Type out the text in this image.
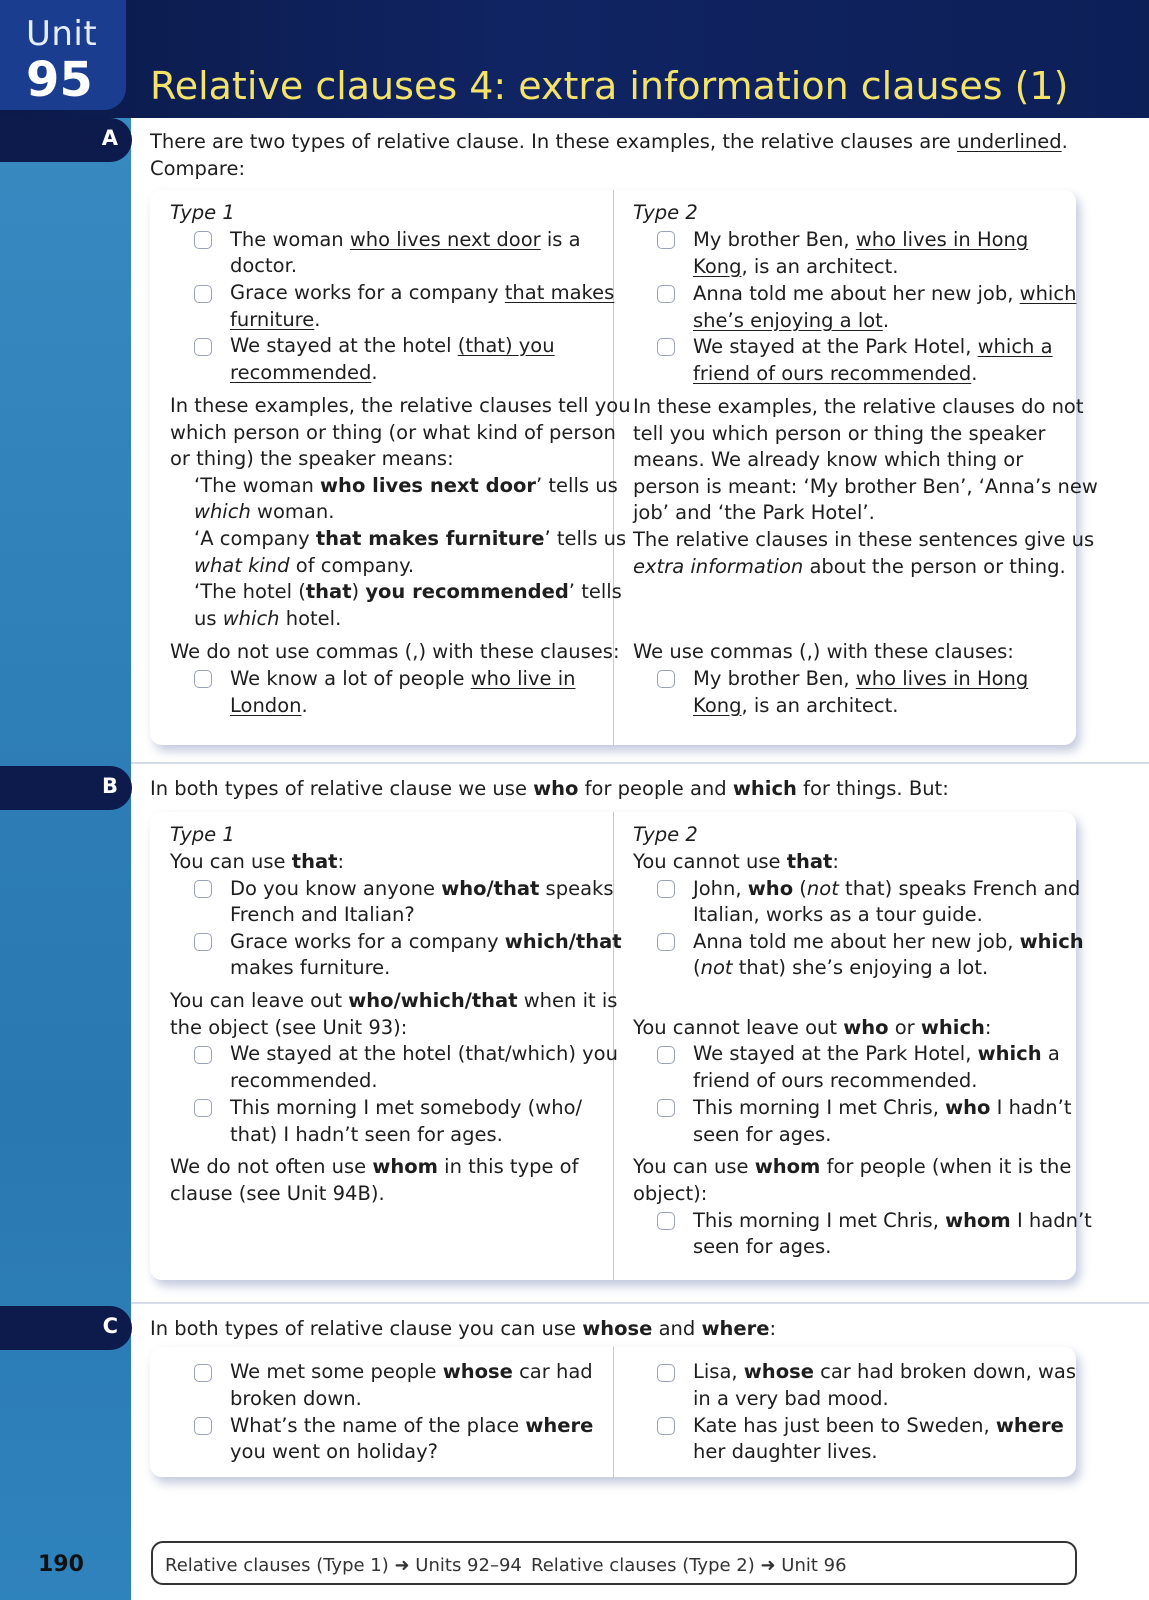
Unit
95 Relative clauses 4: extra information clauses (1)
A There are two types of relative clause. In these examples, the relative clauses are underlined.
Compare:
Type 1
The woman who lives next door is a
doctor.
Grace works for a company that makes
furniture.
We stayed at the hotel (that) you
recommended.
In these examples, the relative clauses tell you
which person or thing (or what kind of person
or thing) the speaker means:
‘The woman who lives next door’ tells us
which woman.
‘A company that makes furniture’ tells us
what kind of company.
‘The hotel (that) you recommended’ tells
us which hotel.
We do not use commas (,) with these clauses:
We know a lot of people who live in
London.
Type 2
My brother Ben, who lives in Hong
Kong, is an architect.
Anna told me about her new job, which
she’s enjoying a lot.
We stayed at the Park Hotel, which a
friend of ours recommended.
In these examples, the relative clauses do not
tell you which person or thing the speaker
means. We already know which thing or
person is meant: ‘My brother Ben’, ‘Anna’s new
job’ and ‘the Park Hotel’.
The relative clauses in these sentences give us
extra information about the person or thing.
We use commas (,) with these clauses:
My brother Ben, who lives in Hong
Kong, is an architect.
B In both types of relative clause we use who for people and which for things. But:
Type 1
You can use that:
Do you know anyone who/that speaks
French and Italian?
Grace works for a company which/that
makes furniture.
You can leave out who/which/that when it is
the object (see Unit 93):
We stayed at the hotel (that/which) you
recommended.
This morning I met somebody (who/
that) I hadn’t seen for ages.
We do not often use whom in this type of
clause (see Unit 94B).
Type 2
You cannot use that:
John, who (not that) speaks French and
Italian, works as a tour guide.
Anna told me about her new job, which
(not that) she’s enjoying a lot.
You cannot leave out who or which:
We stayed at the Park Hotel, which a
friend of ours recommended.
This morning I met Chris, who I hadn’t
seen for ages.
You can use whom for people (when it is the
object):
This morning I met Chris, whom I hadn’t
seen for ages.
C In both types of relative clause you can use whose and where:
We met some people whose car had
broken down.
What’s the name of the place where
you went on holiday?
Lisa, whose car had broken down, was
in a very bad mood.
Kate has just been to Sweden, where
her daughter lives.
Relative clauses (Type 1) ➜ Units 92–94 Relative clauses (Type 2) ➜ Unit 96
190
